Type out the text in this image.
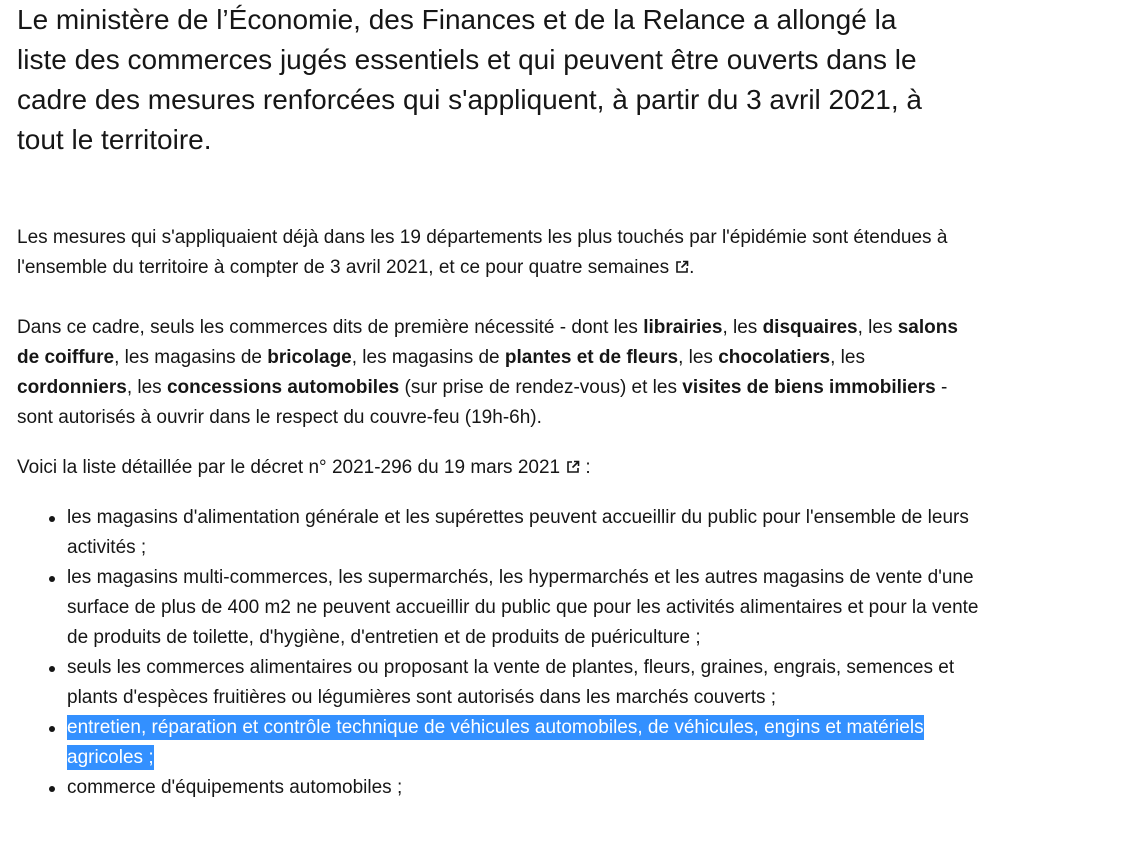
Le ministère de l’Économie, des Finances et de la Relance a allongé la liste des commerces jugés essentiels et qui peuvent être ouverts dans le cadre des mesures renforcées qui s'appliquent, à partir du 3 avril 2021, à tout le territoire.

Les mesures qui s'appliquaient déjà dans les 19 départements les plus touchés par l'épidémie sont étendues à l'ensemble du territoire à compter de 3 avril 2021, et ce pour quatre semaines .

Dans ce cadre, seuls les commerces dits de première nécessité - dont les librairies, les disquaires, les salons de coiffure, les magasins de bricolage, les magasins de plantes et de fleurs, les chocolatiers, les cordonniers, les concessions automobiles (sur prise de rendez-vous) et les visites de biens immobiliers - sont autorisés à ouvrir dans le respect du couvre-feu (19h-6h).

Voici la liste détaillée par le décret n° 2021-296 du 19 mars 2021
:

les magasins d'alimentation générale et les supérettes peuvent accueillir du public pour l'ensemble de leurs activités ;
les magasins multi-commerces, les supermarchés, les hypermarchés et les autres magasins de vente d'une surface de plus de 400 m2 ne peuvent accueillir du public que pour les activités alimentaires et pour la vente de produits de toilette, d'hygiène, d'entretien et de produits de puériculture ;
seuls les commerces alimentaires ou proposant la vente de plantes, fleurs, graines, engrais, semences et plants d'espèces fruitières ou légumières sont autorisés dans les marchés couverts ;
entretien, réparation et contrôle technique de véhicules automobiles, de véhicules, engins et matériels agricoles ;
commerce d'équipements automobiles ;
